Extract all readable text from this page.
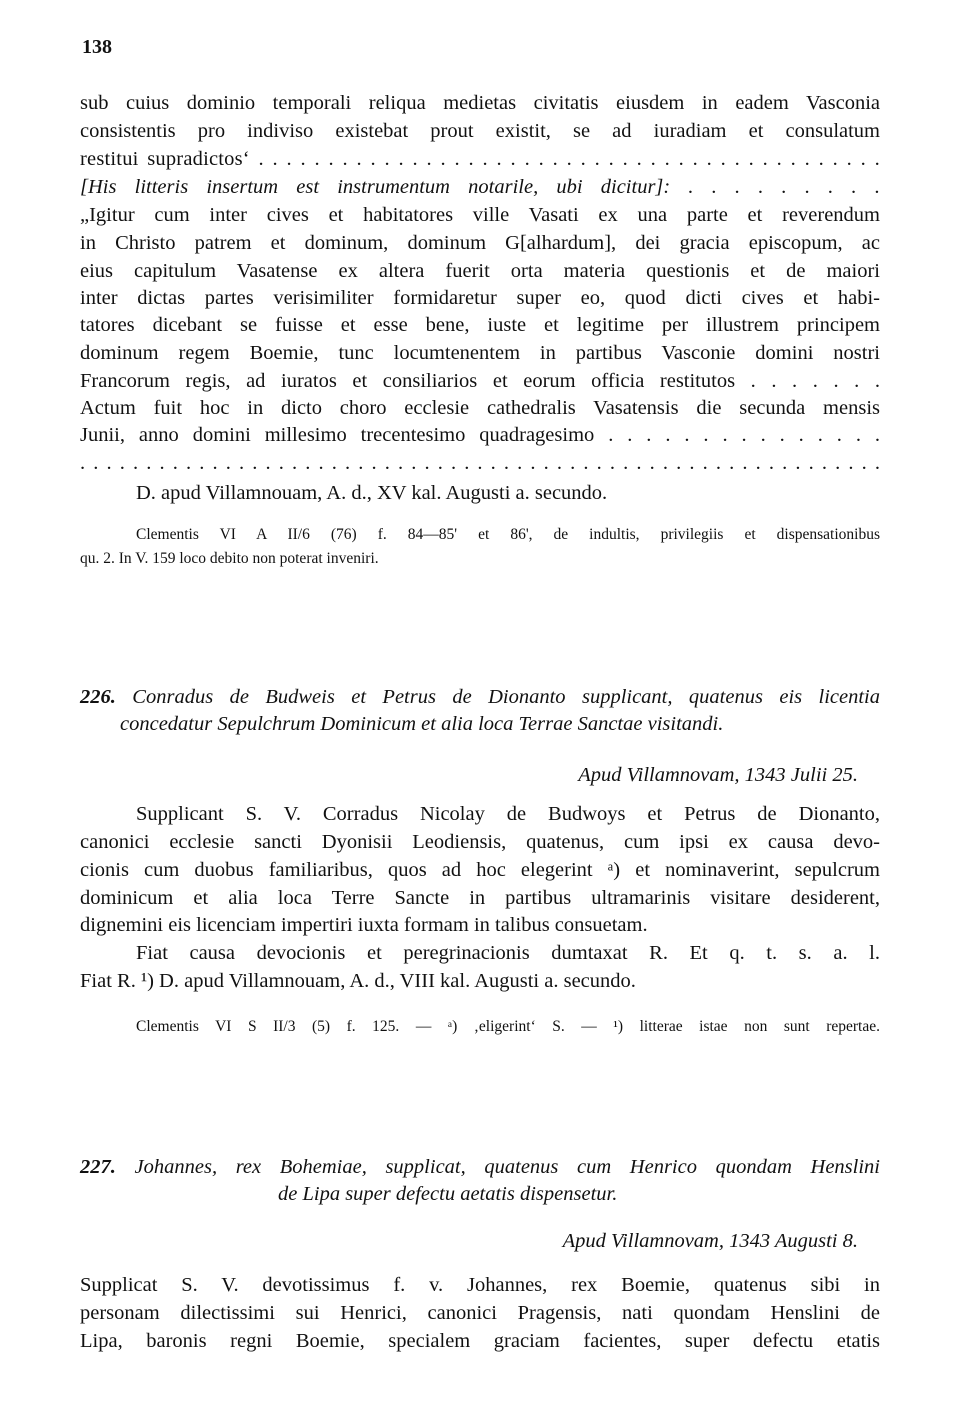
138
sub cuius dominio temporali reliqua medietas civitatis eiusdem in eadem Vasconia
consistentis pro indiviso existebat prout existit, se ad iuradiam et consulatum
restitui supradictos‘ . . . . . . . . . . . . . . . . . . . . . . . . . . . . . . . . . . . . . . . . . . . . .
[His litteris insertum est instrumentum notarile, ubi dicitur]: . . . . . . . . .
„Igitur cum inter cives et habitatores ville Vasati ex una parte et reverendum
in Christo patrem et dominum, dominum G[alhardum], dei gracia episcopum, ac
eius capitulum Vasatense ex altera fuerit orta materia questionis et de maiori
inter dictas partes verisimiliter formidaretur super eo, quod dicti cives et habi-
tatores dicebant se fuisse et esse bene, iuste et legitime per illustrem principem
dominum regem Boemie, tunc locumtenentem in partibus Vasconie domini nostri
Francorum regis, ad iuratos et consiliarios et eorum officia restitutos . . . . . . .
Actum fuit hoc in dicto choro ecclesie cathedralis Vasatensis die secunda mensis
Junii, anno domini millesimo trecentesimo quadragesimo . . . . . . . . . . . . . . .
. . . . . . . . . . . . . . . . . . . . . . . . . . . . . . . . . . . . . . . . . . . . . . . . . . . . . . . . . . . . .
D. apud Villamnouam, A. d., XV kal. Augusti a. secundo.
Clementis VI A II/6 (76) f. 84—85' et 86', de indultis, privilegiis et dispensationibus
qu. 2. In V. 159 loco debito non poterat inveniri.
226. Conradus de Budweis et Petrus de Dionanto supplicant, quatenus eis licentia
concedatur Sepulchrum Dominicum et alia loca Terrae Sanctae visitandi.
Apud Villamnovam, 1343 Julii 25.
Supplicant S. V. Corradus Nicolay de Budwoys et Petrus de Dionanto,
canonici ecclesie sancti Dyonisii Leodiensis, quatenus, cum ipsi ex causa devo-
cionis cum duobus familiaribus, quos ad hoc elegerint ᵃ) et nominaverint, sepulcrum
dominicum et alia loca Terre Sancte in partibus ultramarinis visitare desiderent,
dignemini eis licenciam impertiri iuxta formam in talibus consuetam.
Fiat causa devocionis et peregrinacionis dumtaxat R. Et q. t. s. a. l.
Fiat R. ¹) D. apud Villamnouam, A. d., VIII kal. Augusti a. secundo.
Clementis VI S II/3 (5) f. 125. — ᵃ) ‚eligerint‘ S. — ¹) litterae istae non sunt repertae.
227. Johannes, rex Bohemiae, supplicat, quatenus cum Henrico quondam Henslini
de Lipa super defectu aetatis dispensetur.
Apud Villamnovam, 1343 Augusti 8.
Supplicat S. V. devotissimus f. v. Johannes, rex Boemie, quatenus sibi in
personam dilectissimi sui Henrici, canonici Pragensis, nati quondam Henslini de
Lipa, baronis regni Boemie, specialem graciam facientes, super defectu etatis
